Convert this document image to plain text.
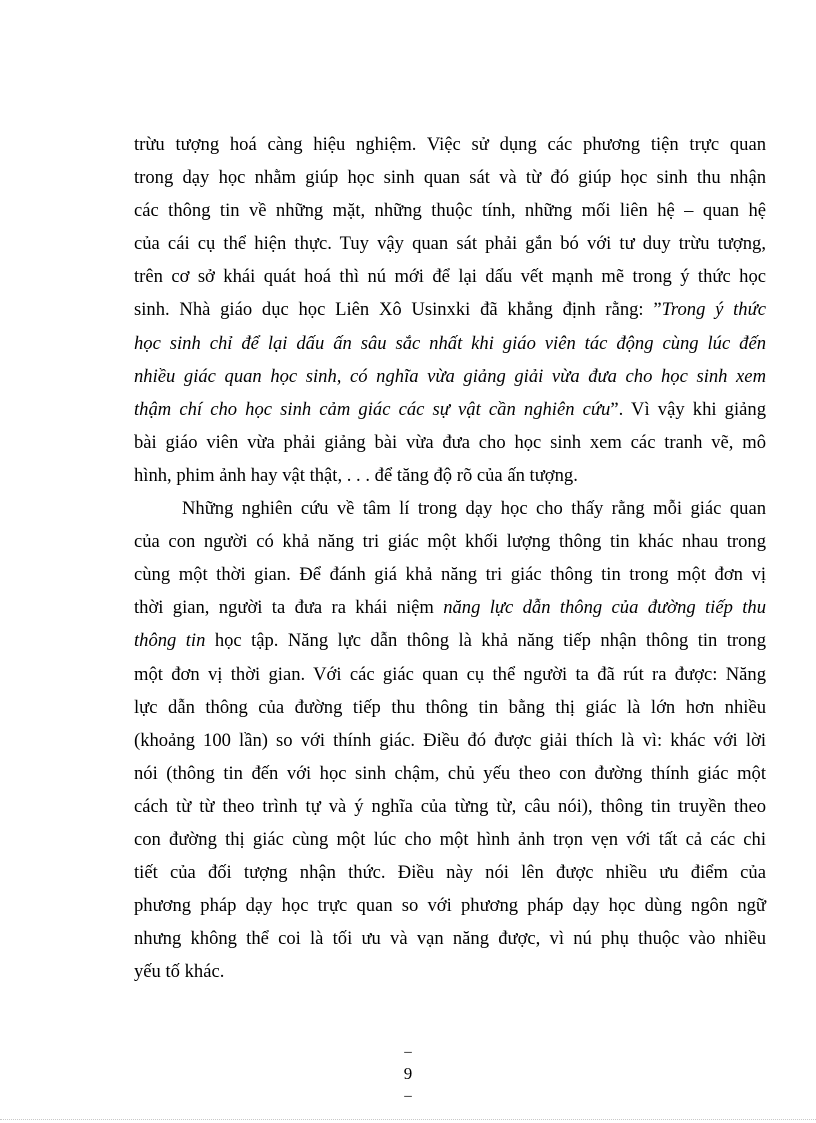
trừu tượng hoá càng hiệu nghiệm. Việc sử dụng các phương tiện trực quan
trong dạy học nhằm giúp học sinh quan sát và từ đó giúp học sinh thu nhận
các thông tin về những mặt, những thuộc tính, những mối liên hệ – quan hệ
của cái cụ thể hiện thực. Tuy vậy quan sát phải gắn bó với tư duy trừu tượng,
trên cơ sở khái quát hoá thì nú mới để lại dấu vết mạnh mẽ trong ý thức học
sinh. Nhà giáo dục học Liên Xô Usinxki đã khẳng định rằng: ”Trong ý thức
học sinh chỉ để lại dấu ấn sâu sắc nhất khi giáo viên tác động cùng lúc đến
nhiều giác quan học sinh, có nghĩa vừa giảng giải vừa đưa cho học sinh xem
thậm chí cho học sinh cảm giác các sự vật cần nghiên cứu”. Vì vậy khi giảng
bài giáo viên vừa phải giảng bài vừa đưa cho học sinh xem các tranh vẽ, mô
hình, phim ảnh hay vật thật, . . . để tăng độ rõ của ấn tượng.

Những nghiên cứu về tâm lí trong dạy học cho thấy rằng mỗi giác quan
của con người có khả năng tri giác một khối lượng thông tin khác nhau trong
cùng một thời gian. Để đánh giá khả năng tri giác thông tin trong một đơn vị
thời gian, người ta đưa ra khái niệm năng lực dẫn thông của đường tiếp thu
thông tin học tập. Năng lực dẫn thông là khả năng tiếp nhận thông tin trong
một đơn vị thời gian. Với các giác quan cụ thể người ta đã rút ra được: Năng
lực dẫn thông của đường tiếp thu thông tin bằng thị giác là lớn hơn nhiều
(khoảng 100 lần) so với thính giác. Điều đó được giải thích là vì: khác với lời
nói (thông tin đến với học sinh chậm, chủ yếu theo con đường thính giác một
cách từ từ theo trình tự và ý nghĩa của từng từ, câu nói), thông tin truyền theo
con đường thị giác cùng một lúc cho một hình ảnh trọn vẹn với tất cả các chi
tiết của đối tượng nhận thức. Điều này nói lên được nhiều ưu điểm của
phương pháp dạy học trực quan so với phương pháp dạy học dùng ngôn ngữ
nhưng không thể coi là tối ưu và vạn năng được, vì nú phụ thuộc vào nhiều
yếu tố khác.

–
9
–
